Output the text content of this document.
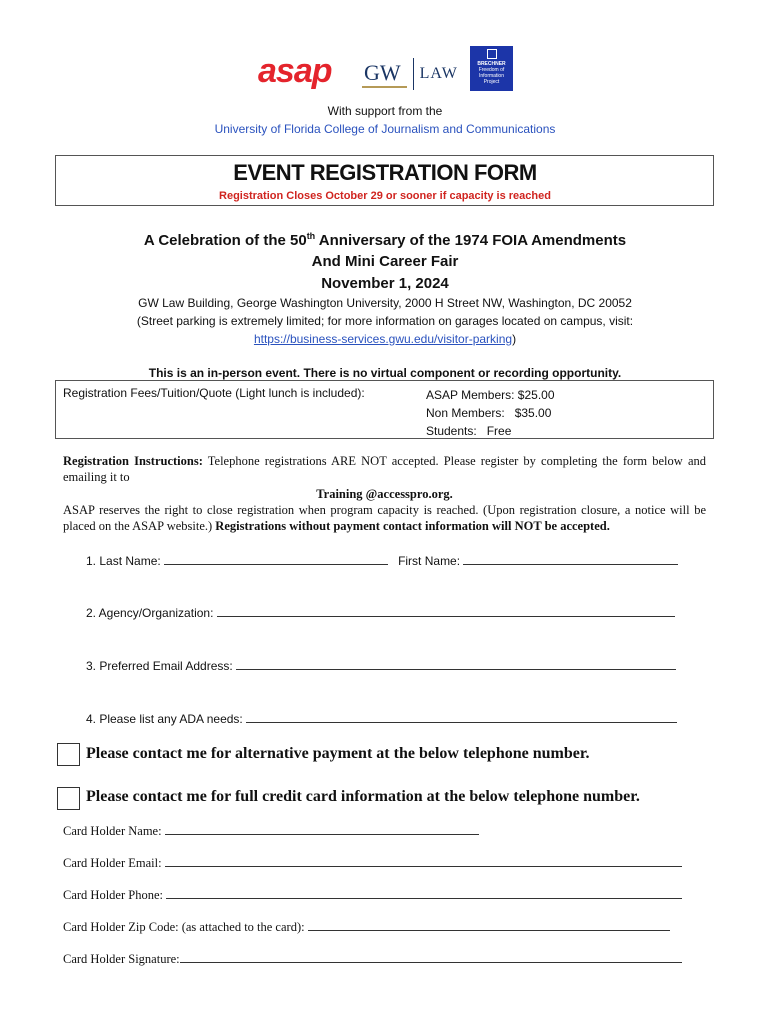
asap GW	LAW
BRECHNER
Freedom of
Information
Project
With support from the
University of Florida College of Journalism and Communications
EVENT REGISTRATION FORM
Registration Closes October 29 or sooner if capacity is reached
A Celebration of the 50th Anniversary of the 1974 FOIA Amendments
And Mini Career Fair
November 1, 2024
GW Law Building, George Washington University, 2000 H Street NW, Washington, DC 20052
(Street parking is extremely limited; for more information on garages located on campus, visit:
https://business-services.gwu.edu/visitor-parking)
This is an in-person event. There is no virtual component or recording opportunity.
Registration Fees/Tuition/Quote (Light lunch is included):	ASAP Members: $25.00
Non Members:   $35.00
Students:   Free
Registration Instructions: Telephone registrations ARE NOT accepted. Please register by completing the form below and emailing it to
Training @accesspro.org.
ASAP reserves the right to close registration when program capacity is reached. (Upon registration closure, a notice will be placed on the ASAP website.) Registrations without payment contact information will NOT be accepted.
1. Last Name:	First Name:
2. Agency/Organization:
3. Preferred Email Address:
4. Please list any ADA needs:
Please contact me for alternative payment at the below telephone number.
Please contact me for full credit card information at the below telephone number.
Card Holder Name:
Card Holder Email:
Card Holder Phone:
Card Holder Zip Code: (as attached to the card):
Card Holder Signature:
